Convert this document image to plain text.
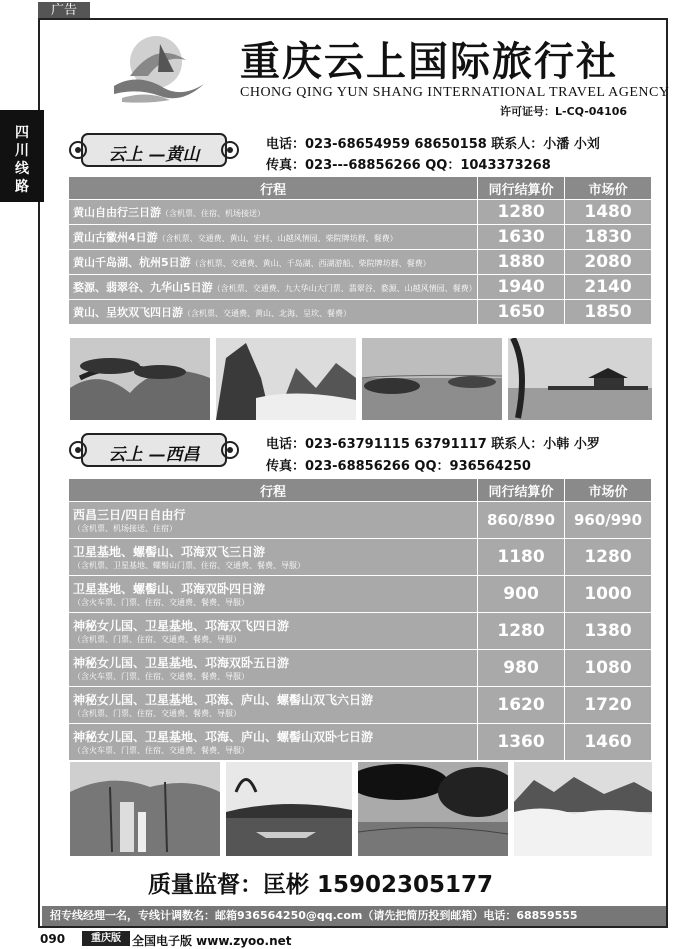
广告
四
川
线
路
重庆云上国际旅行社
CHONG QING YUN SHANG INTERNATIONAL TRAVEL AGENCY
许可证号：L-CQ-04106
云上 —黄山
电话：023-68654959 68650158 联系人：小潘 小刘
传真：023---68856266 QQ：1043373268
行程	同行结算价	市场价
黄山自由行三日游（含机票、住宿、机场接送）	1280	1480
黄山古徽州4日游（含机票、交通费、黄山、宏村、山越风情园、柴院牌坊群、餐费）	1630	1830
黄山千岛湖、杭州5日游（含机票、交通费、黄山、千岛湖、西湖游船、柴院牌坊群、餐费）	1880	2080
婺源、翡翠谷、九华山5日游（含机票、交通费、九大华山大门票、翡翠谷、婺源、山越风情园、餐费）	1940	2140
黄山、呈坎双飞四日游（含机票、交通费、黄山、北海、呈坎、餐费）	1650	1850
云上 —西昌
电话：023-63791115 63791117 联系人：小韩 小罗
传真：023-68856266 QQ：936564250
行程	同行结算价	市场价

西昌三日/四日自由行
（含机票、机场接送、住宿）	860/890	960/990

卫星基地、螺髻山、邛海双飞三日游
（含机票、卫星基地、螺髻山门票、住宿、交通费、餐费、导服）	1180	1280

卫星基地、螺髻山、邛海双卧四日游
（含火车票、门票、住宿、交通费、餐费、导服）	900	1000

神秘女儿国、卫星基地、邛海双飞四日游
（含机票、门票、住宿、交通费、餐费、导服）	1280	1380

神秘女儿国、卫星基地、邛海双卧五日游
（含火车票、门票、住宿、交通费、餐费、导服）	980	1080

神秘女儿国、卫星基地、邛海、庐山、螺髻山双飞六日游
（含机票、门票、住宿、交通费、餐费、导服）	1620	1720

神秘女儿国、卫星基地、邛海、庐山、螺髻山双卧七日游
（含火车票、门票、住宿、交通费、餐费、导服）	1360	1460
质量监督：匡彬 15902305177
招专线经理一名，专线计调数名：邮箱936564250@qq.com（请先把简历投到邮箱）电话：68859555
090	重庆版 全国电子版 www.zyoo.net
